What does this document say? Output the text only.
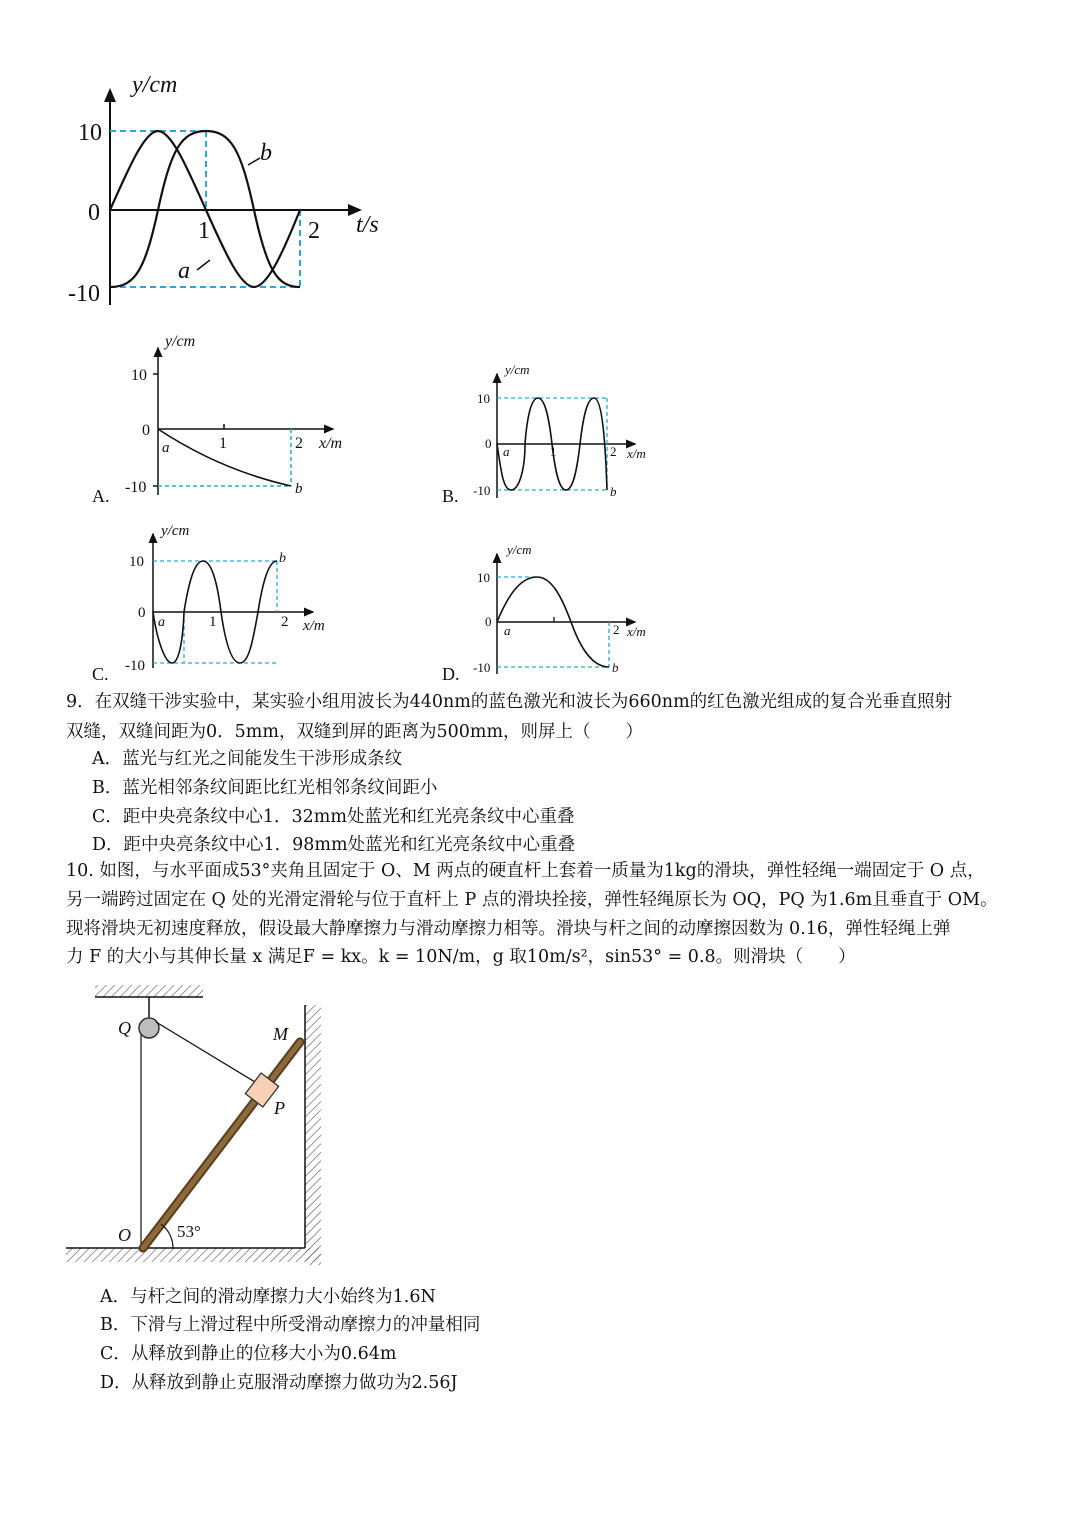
y/cm
t/s
10
0
-10
1	2
b
a
y/cm
x/m
10
0
-10
1	2
a
b
A.
y/cm
x/m
10
0
-10
1	2
a
b
B.
y/cm
x/m
10
0
-10
1	2
a
b
C.
y/cm
x/m
10
0
-10
2
a
b
D.
9．在双缝干涉实验中，某实验小组用波长为440nm的蓝色激光和波长为660nm的红色激光组成的复合光垂直照射
双缝，双缝间距为0．5mm，双缝到屏的距离为500mm，则屏上（　　）
A．蓝光与红光之间能发生干涉形成条纹
B．蓝光相邻条纹间距比红光相邻条纹间距小
C．距中央亮条纹中心1．32mm处蓝光和红光亮条纹中心重叠
D．距中央亮条纹中心1．98mm处蓝光和红光亮条纹中心重叠
10. 如图，与水平面成53°夹角且固定于 O、M 两点的硬直杆上套着一质量为1kg的滑块，弹性轻绳一端固定于 O 点，
另一端跨过固定在 Q 处的光滑定滑轮与位于直杆上 P 点的滑块拴接，弹性轻绳原长为 OQ，PQ 为1.6m且垂直于 OM。
现将滑块无初速度释放，假设最大静摩擦力与滑动摩擦力相等。滑块与杆之间的动摩擦因数为 0.16，弹性轻绳上弹
力 F 的大小与其伸长量 x 满足F = kx。k = 10N/m，g 取10m/s²，sin53° = 0.8。则滑块（　　）
Q	M
P
O	53°
A．与杆之间的滑动摩擦力大小始终为1.6N
B．下滑与上滑过程中所受滑动摩擦力的冲量相同
C．从释放到静止的位移大小为0.64m
D．从释放到静止克服滑动摩擦力做功为2.56J
